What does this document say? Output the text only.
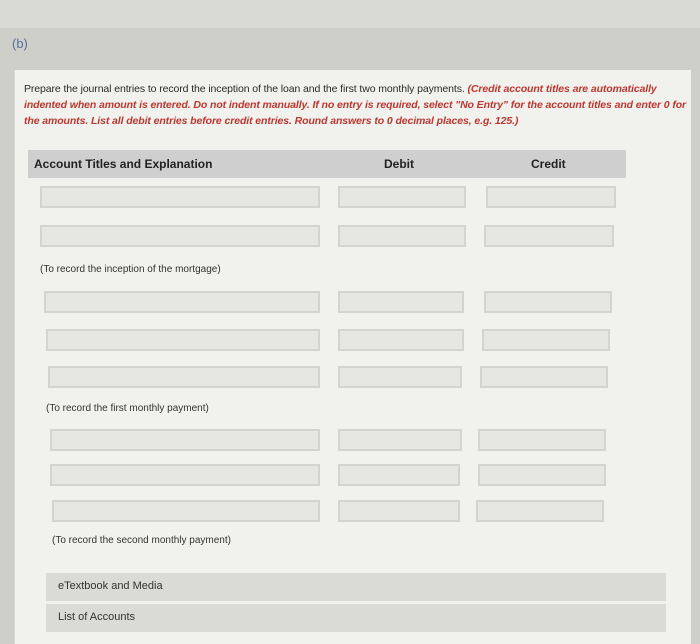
(b)
Prepare the journal entries to record the inception of the loan and the first two monthly payments. (Credit account titles are automatically indented when amount is entered. Do not indent manually. If no entry is required, select "No Entry" for the account titles and enter 0 for the amounts. List all debit entries before credit entries. Round answers to 0 decimal places, e.g. 125.)
Account Titles and Explanation	Debit	Credit
(To record the inception of the mortgage)
(To record the first monthly payment)
(To record the second monthly payment)
eTextbook and Media
List of Accounts
